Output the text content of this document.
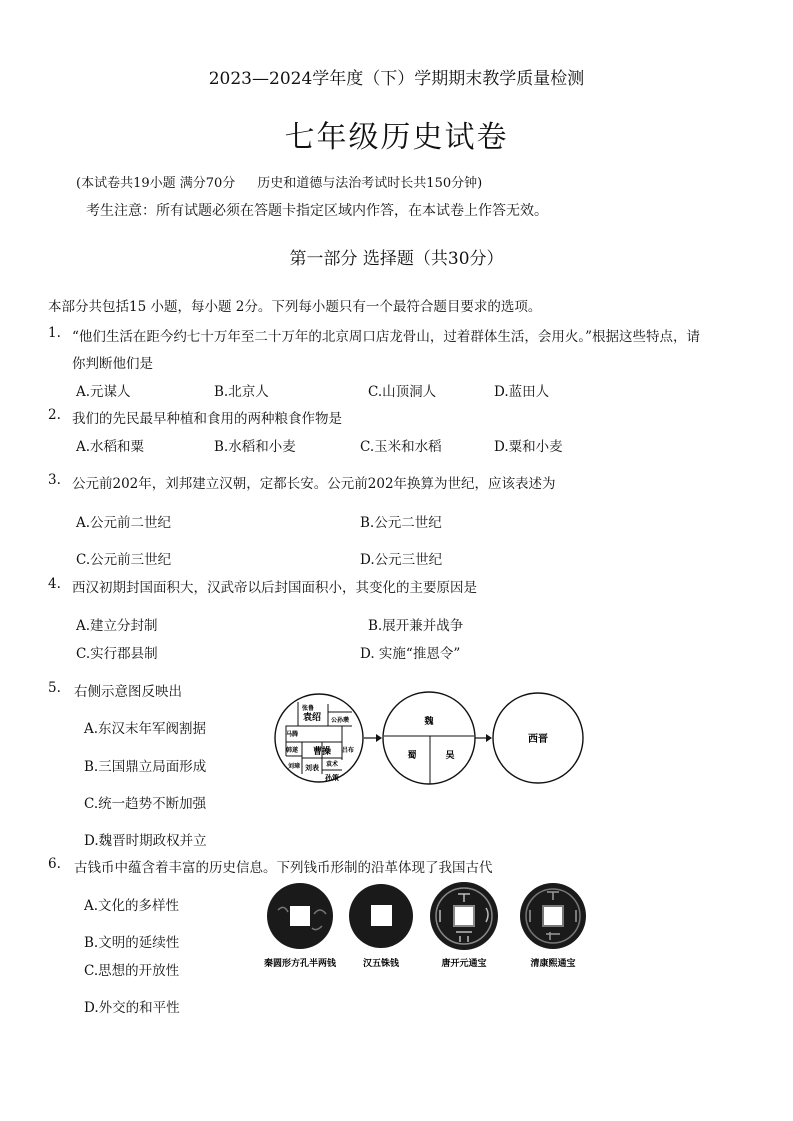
2023—2024学年度（下）学期期末教学质量检测
七年级历史试卷
(本试卷共19小题 满分70分 历史和道德与法治考试时长共150分钟)
考生注意：所有试题必须在答题卡指定区域内作答，在本试卷上作答无效。
第一部分 选择题（共30分）
本部分共包括15 小题，每小题 2分。下列每小题只有一个最符合题目要求的选项。
1. “他们生活在距今约七十万年至二十万年的北京周口店龙骨山，过着群体生活，会用火。”根据这些特点，请
你判断他们是
A.元谋人	B.北京人	C.山顶洞人	D.蓝田人
2. 我们的先民最早种植和食用的两种粮食作物是
A.水稻和粟	B.水稻和小麦	C.玉米和水稻	D.粟和小麦
3. 公元前202年，刘邦建立汉朝，定都长安。公元前202年换算为世纪，应该表述为
A.公元前二世纪	B.公元二世纪
C.公元前三世纪	D.公元三世纪
4. 西汉初期封国面积大，汉武帝以后封国面积小，其变化的主要原因是
A.建立分封制	B.展开兼并战争
C.实行郡县制	D. 实施“推恩令”
5. 右侧示意图反映出
A.东汉末年军阀割据
B.三国鼎立局面形成
C.统一趋势不断加强
D.魏晋时期政权并立
袁绍 公孙瓒
马腾
韩遂 曹操
刘璋 刘表
孙策
袁术
吕布
张鲁
魏
蜀	吴
西晋
6. 古钱币中蕴含着丰富的历史信息。下列钱币形制的沿革体现了我国古代
A.文化的多样性
B.文明的延续性
C.思想的开放性
D.外交的和平性
秦圆形方孔半两钱	汉五铢钱	唐开元通宝	清康熙通宝
